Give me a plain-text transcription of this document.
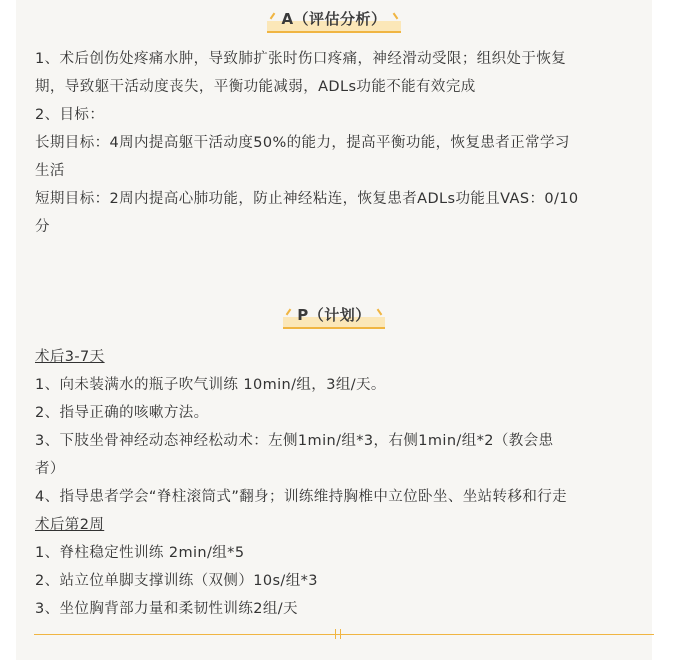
A（评估分析）

1、术后创伤处疼痛水肿，导致肺扩张时伤口疼痛，神经滑动受限；组织处于恢复

期，导致躯干活动度丧失，平衡功能减弱，ADLs功能不能有效完成

2、目标：

长期目标：4周内提高躯干活动度50%的能力，提高平衡功能，恢复患者正常学习

生活

短期目标：2周内提高心肺功能，防止神经粘连，恢复患者ADLs功能且VAS：0/10

分

P（计划）

术后3-7天

1、向未装满水的瓶子吹气训练 10min/组，3组/天。

2、指导正确的咳嗽方法。

3、下肢坐骨神经动态神经松动术：左侧1min/组*3，右侧1min/组*2（教会患

者）

4、指导患者学会“脊柱滚筒式”翻身；训练维持胸椎中立位卧坐、坐站转移和行走

术后第2周

1、脊柱稳定性训练 2min/组*5

2、站立位单脚支撑训练（双侧）10s/组*3

3、坐位胸背部力量和柔韧性训练2组/天
